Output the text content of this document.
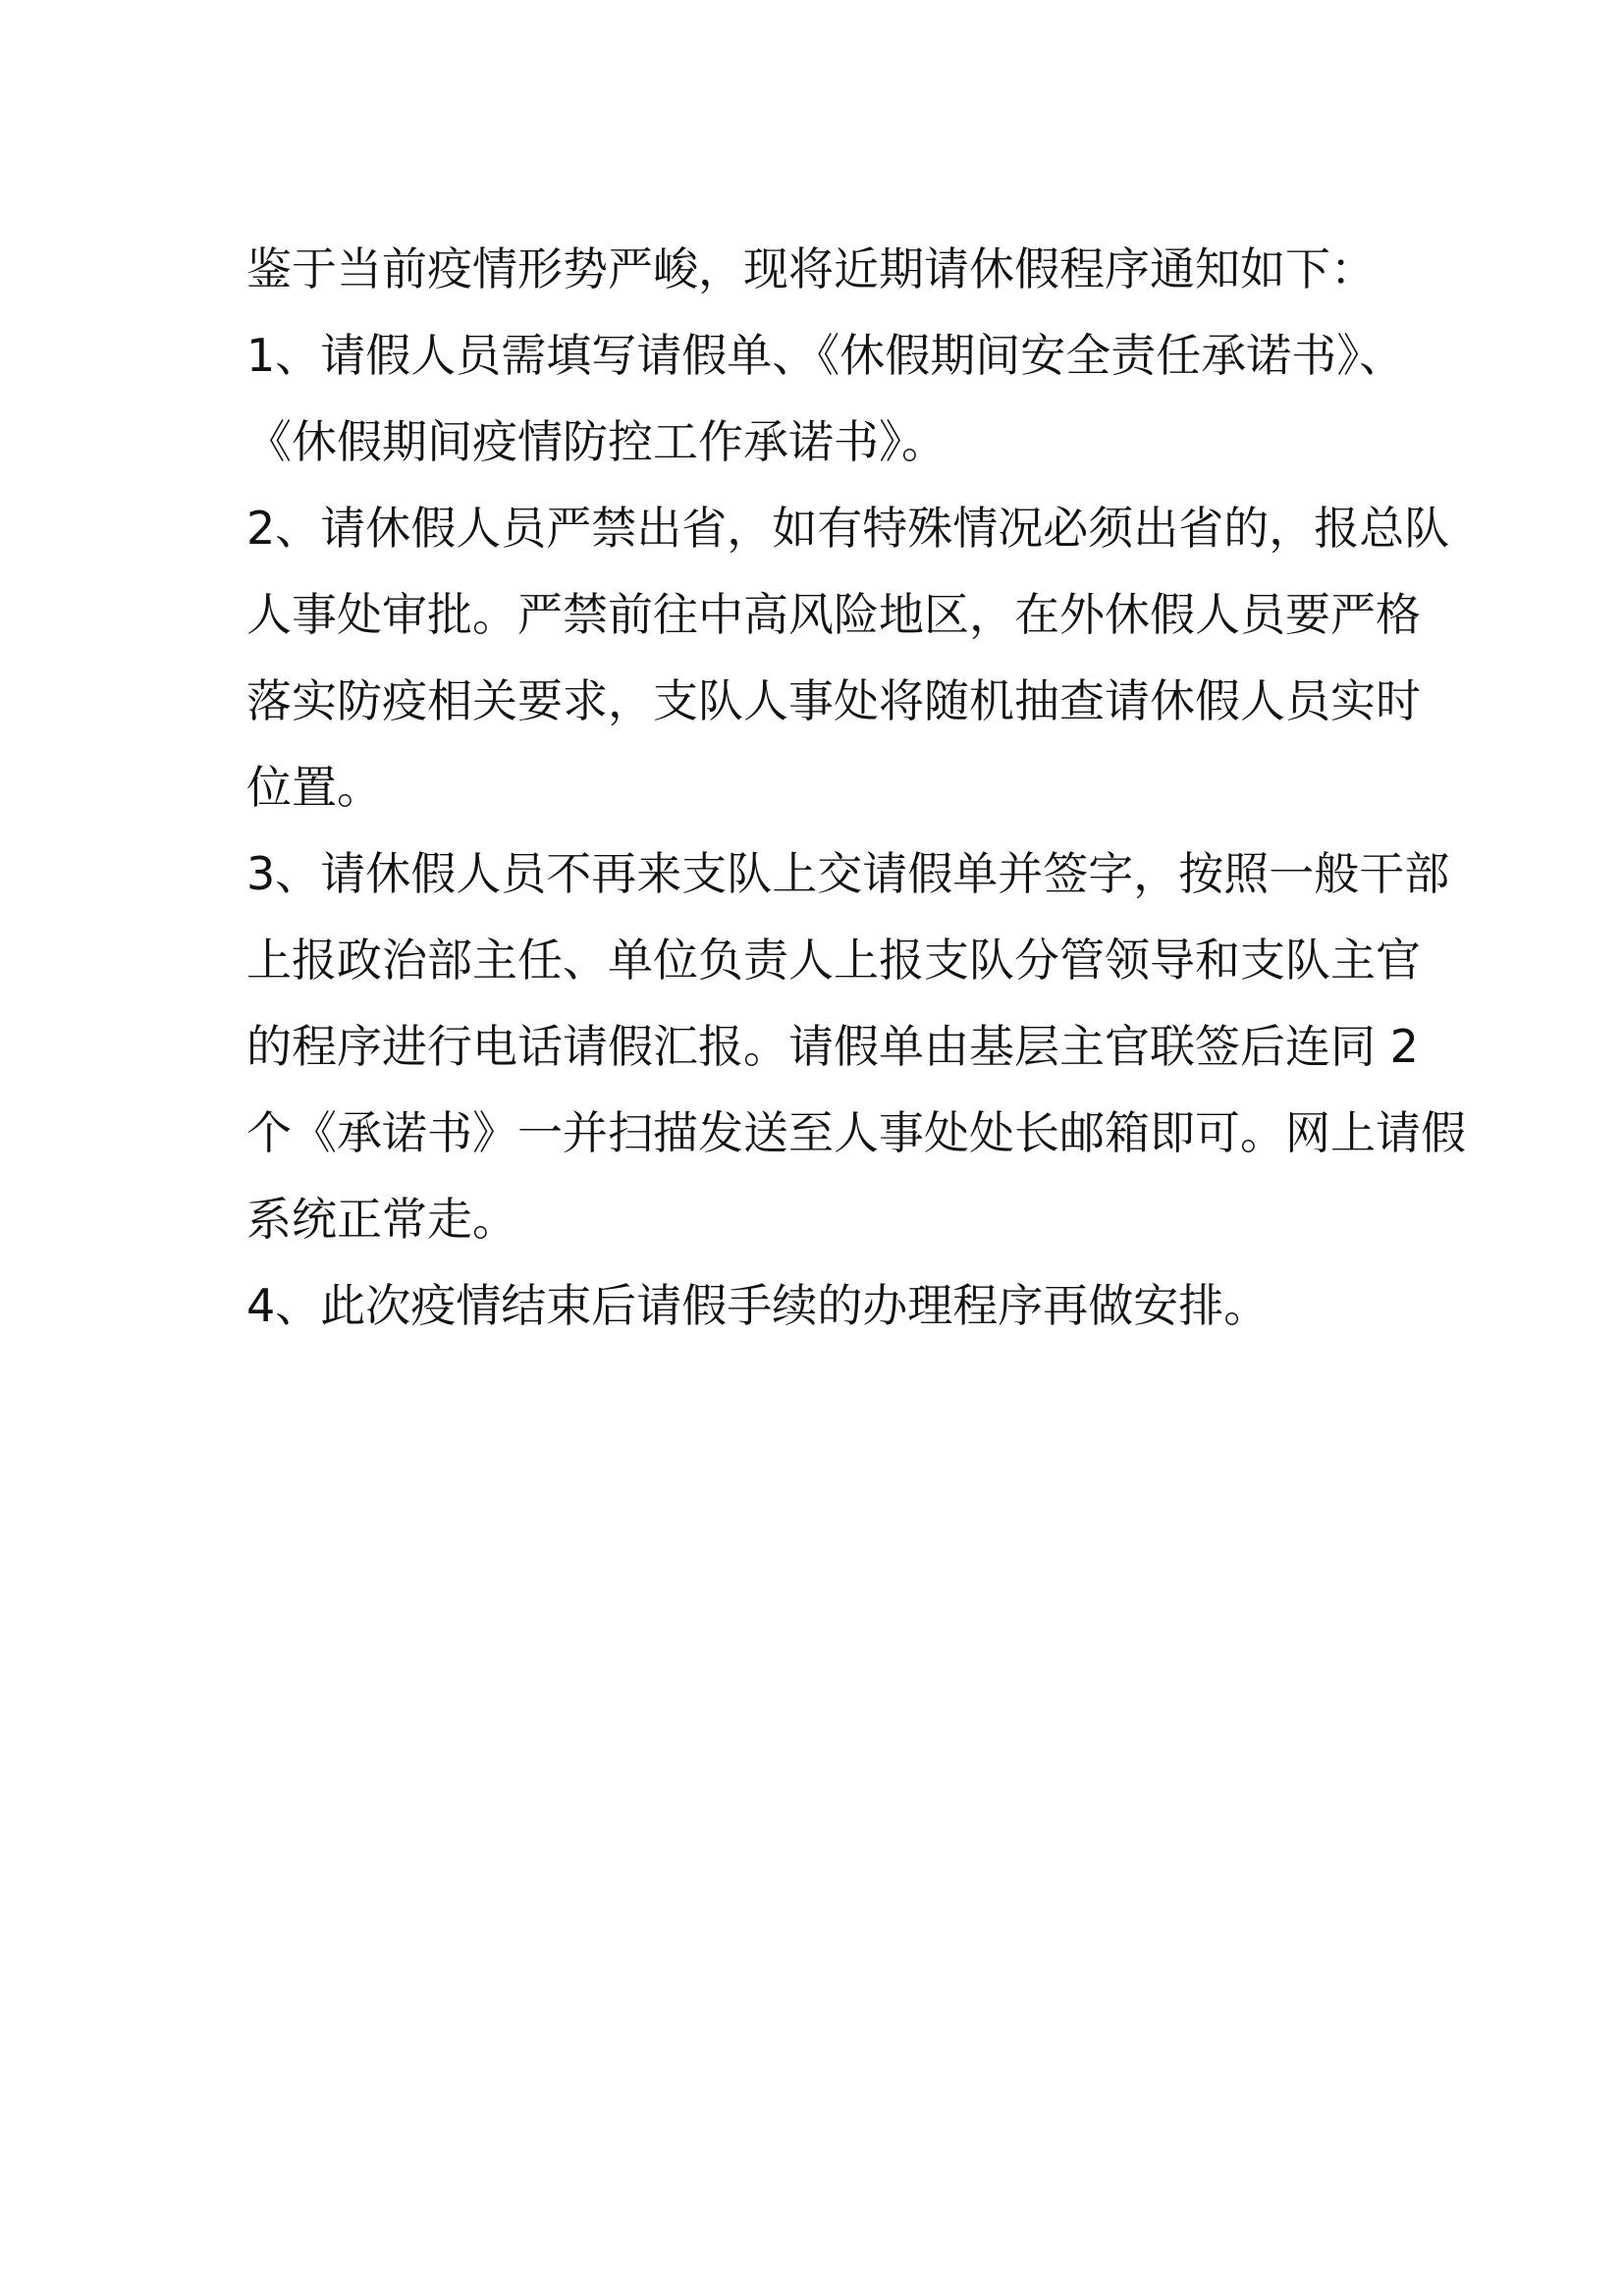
鉴于当前疫情形势严峻，现将近期请休假程序通知如下：
1、请假人员需填写请假单、《休假期间安全责任承诺书》、
《休假期间疫情防控工作承诺书》。
2、请休假人员严禁出省，如有特殊情况必须出省的，报总队
人事处审批。严禁前往中高风险地区，在外休假人员要严格
落实防疫相关要求，支队人事处将随机抽查请休假人员实时
位置。
3、请休假人员不再来支队上交请假单并签字，按照一般干部
上报政治部主任、单位负责人上报支队分管领导和支队主官
的程序进行电话请假汇报。请假单由基层主官联签后连同 2
个《承诺书》一并扫描发送至人事处处长邮箱即可。网上请假
系统正常走。
4、此次疫情结束后请假手续的办理程序再做安排。
